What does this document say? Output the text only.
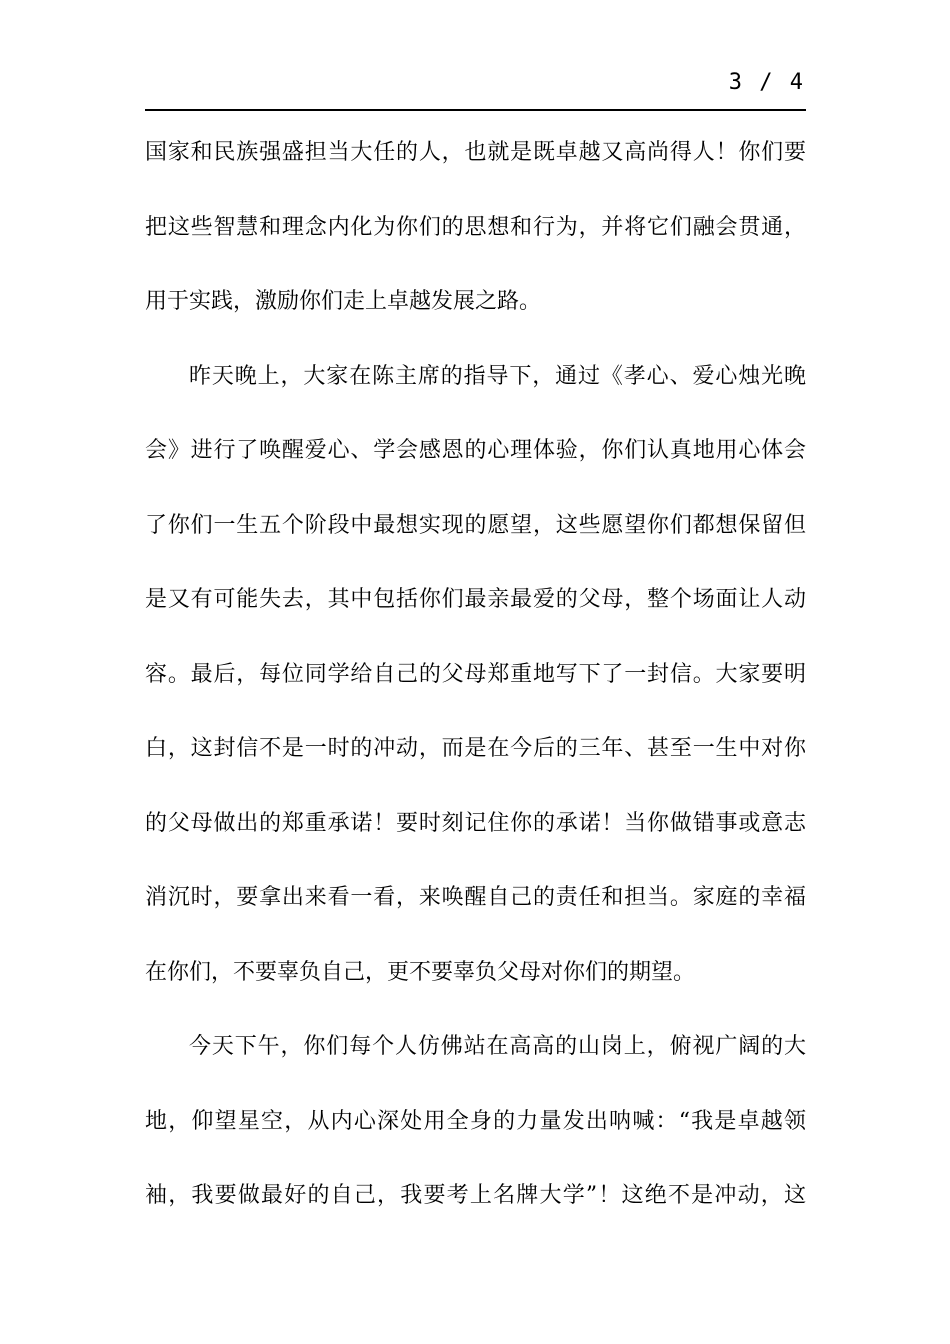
3 / 4
国家和民族强盛担当大任的人，也就是既卓越又高尚得人！你们要
把这些智慧和理念内化为你们的思想和行为，并将它们融会贯通，
用于实践，激励你们走上卓越发展之路。
昨天晚上，大家在陈主席的指导下，通过《孝心、爱心烛光晚
会》进行了唤醒爱心、学会感恩的心理体验，你们认真地用心体会
了你们一生五个阶段中最想实现的愿望，这些愿望你们都想保留但
是又有可能失去，其中包括你们最亲最爱的父母，整个场面让人动
容。最后，每位同学给自己的父母郑重地写下了一封信。大家要明
白，这封信不是一时的冲动，而是在今后的三年、甚至一生中对你
的父母做出的郑重承诺！要时刻记住你的承诺！当你做错事或意志
消沉时，要拿出来看一看，来唤醒自己的责任和担当。家庭的幸福
在你们，不要辜负自己，更不要辜负父母对你们的期望。
今天下午，你们每个人仿佛站在高高的山岗上，俯视广阔的大
地，仰望星空，从内心深处用全身的力量发出呐喊：“我是卓越领
袖，我要做最好的自己，我要考上名牌大学”！这绝不是冲动，这
